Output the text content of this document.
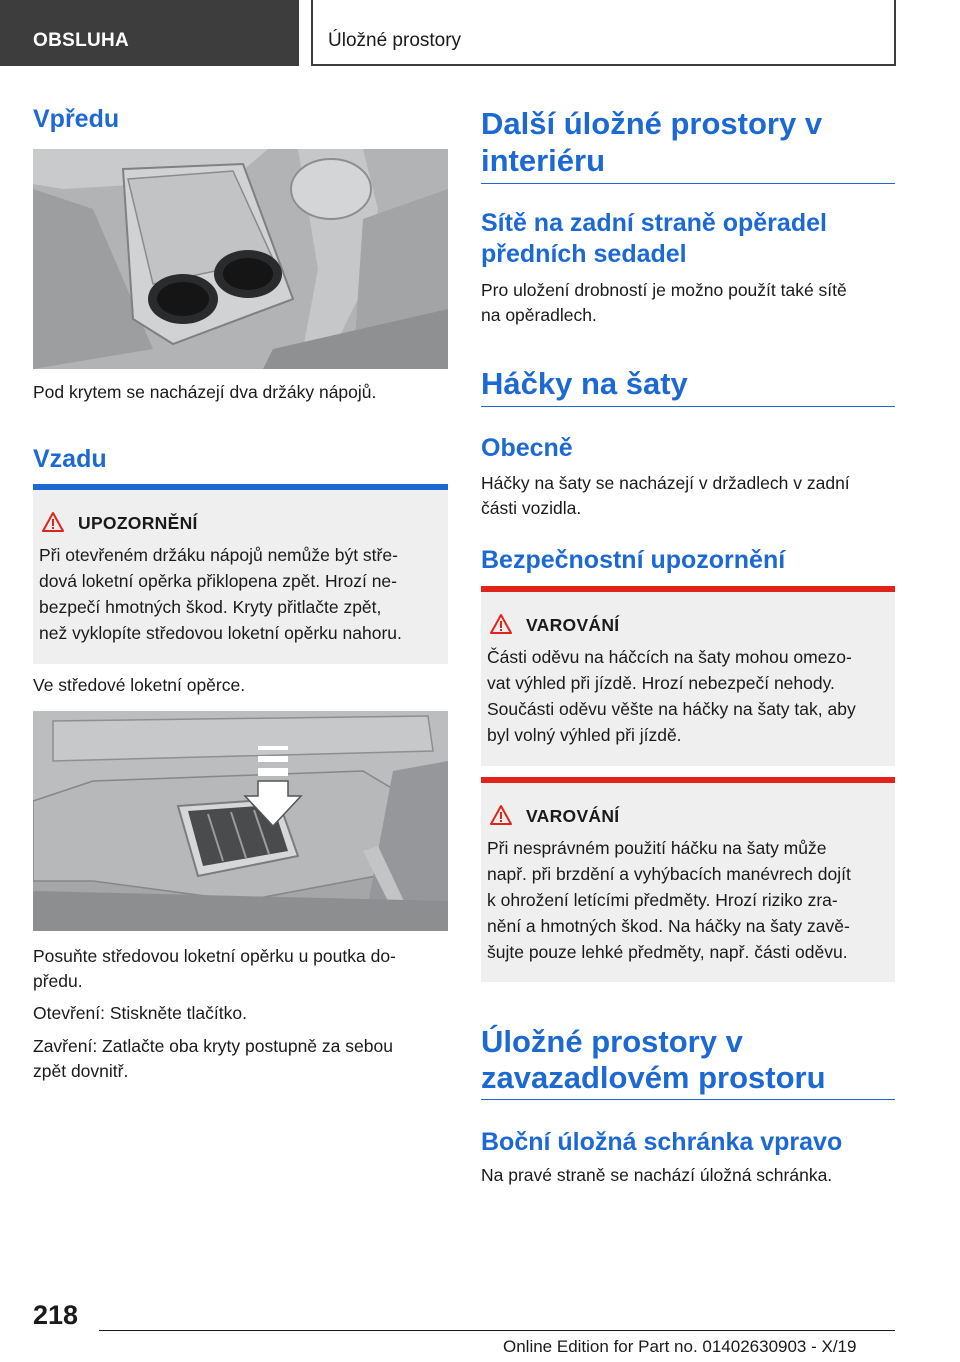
OBSLUHA	Úložné prostory
Vpředu
Pod krytem se nacházejí dva držáky nápojů.
Vzadu
UPOZORNĚNÍ
Při otevřeném držáku nápojů nemůže být stře‐
dová loketní opěrka přiklopena zpět. Hrozí ne‐
bezpečí hmotných škod. Kryty přitlačte zpět,
než vyklopíte středovou loketní opěrku nahoru.
Ve středové loketní opěrce.
Posuňte středovou loketní opěrku u poutka do‐
předu.
Otevření: Stiskněte tlačítko.
Zavření: Zatlačte oba kryty postupně za sebou
zpět dovnitř.
Další úložné prostory v
interiéru
Sítě na zadní straně opěradel
předních sedadel
Pro uložení drobností je možno použít také sítě
na opěradlech.
Háčky na šaty
Obecně
Háčky na šaty se nacházejí v držadlech v zadní
části vozidla.
Bezpečnostní upozornění
VAROVÁNÍ
Části oděvu na háčcích na šaty mohou omezo‐
vat výhled při jízdě. Hrozí nebezpečí nehody.
Součásti oděvu věšte na háčky na šaty tak, aby
byl volný výhled při jízdě.
VAROVÁNÍ
Při nesprávném použití háčku na šaty může
např. při brzdění a vyhýbacích manévrech dojít
k ohrožení letícími předměty. Hrozí riziko zra‐
nění a hmotných škod. Na háčky na šaty zavě‐
šujte pouze lehké předměty, např. části oděvu.
Úložné prostory v
zavazadlovém prostoru
Boční úložná schránka vpravo
Na pravé straně se nachází úložná schránka.
218
Online Edition for Part no. 01402630903 - X/19
